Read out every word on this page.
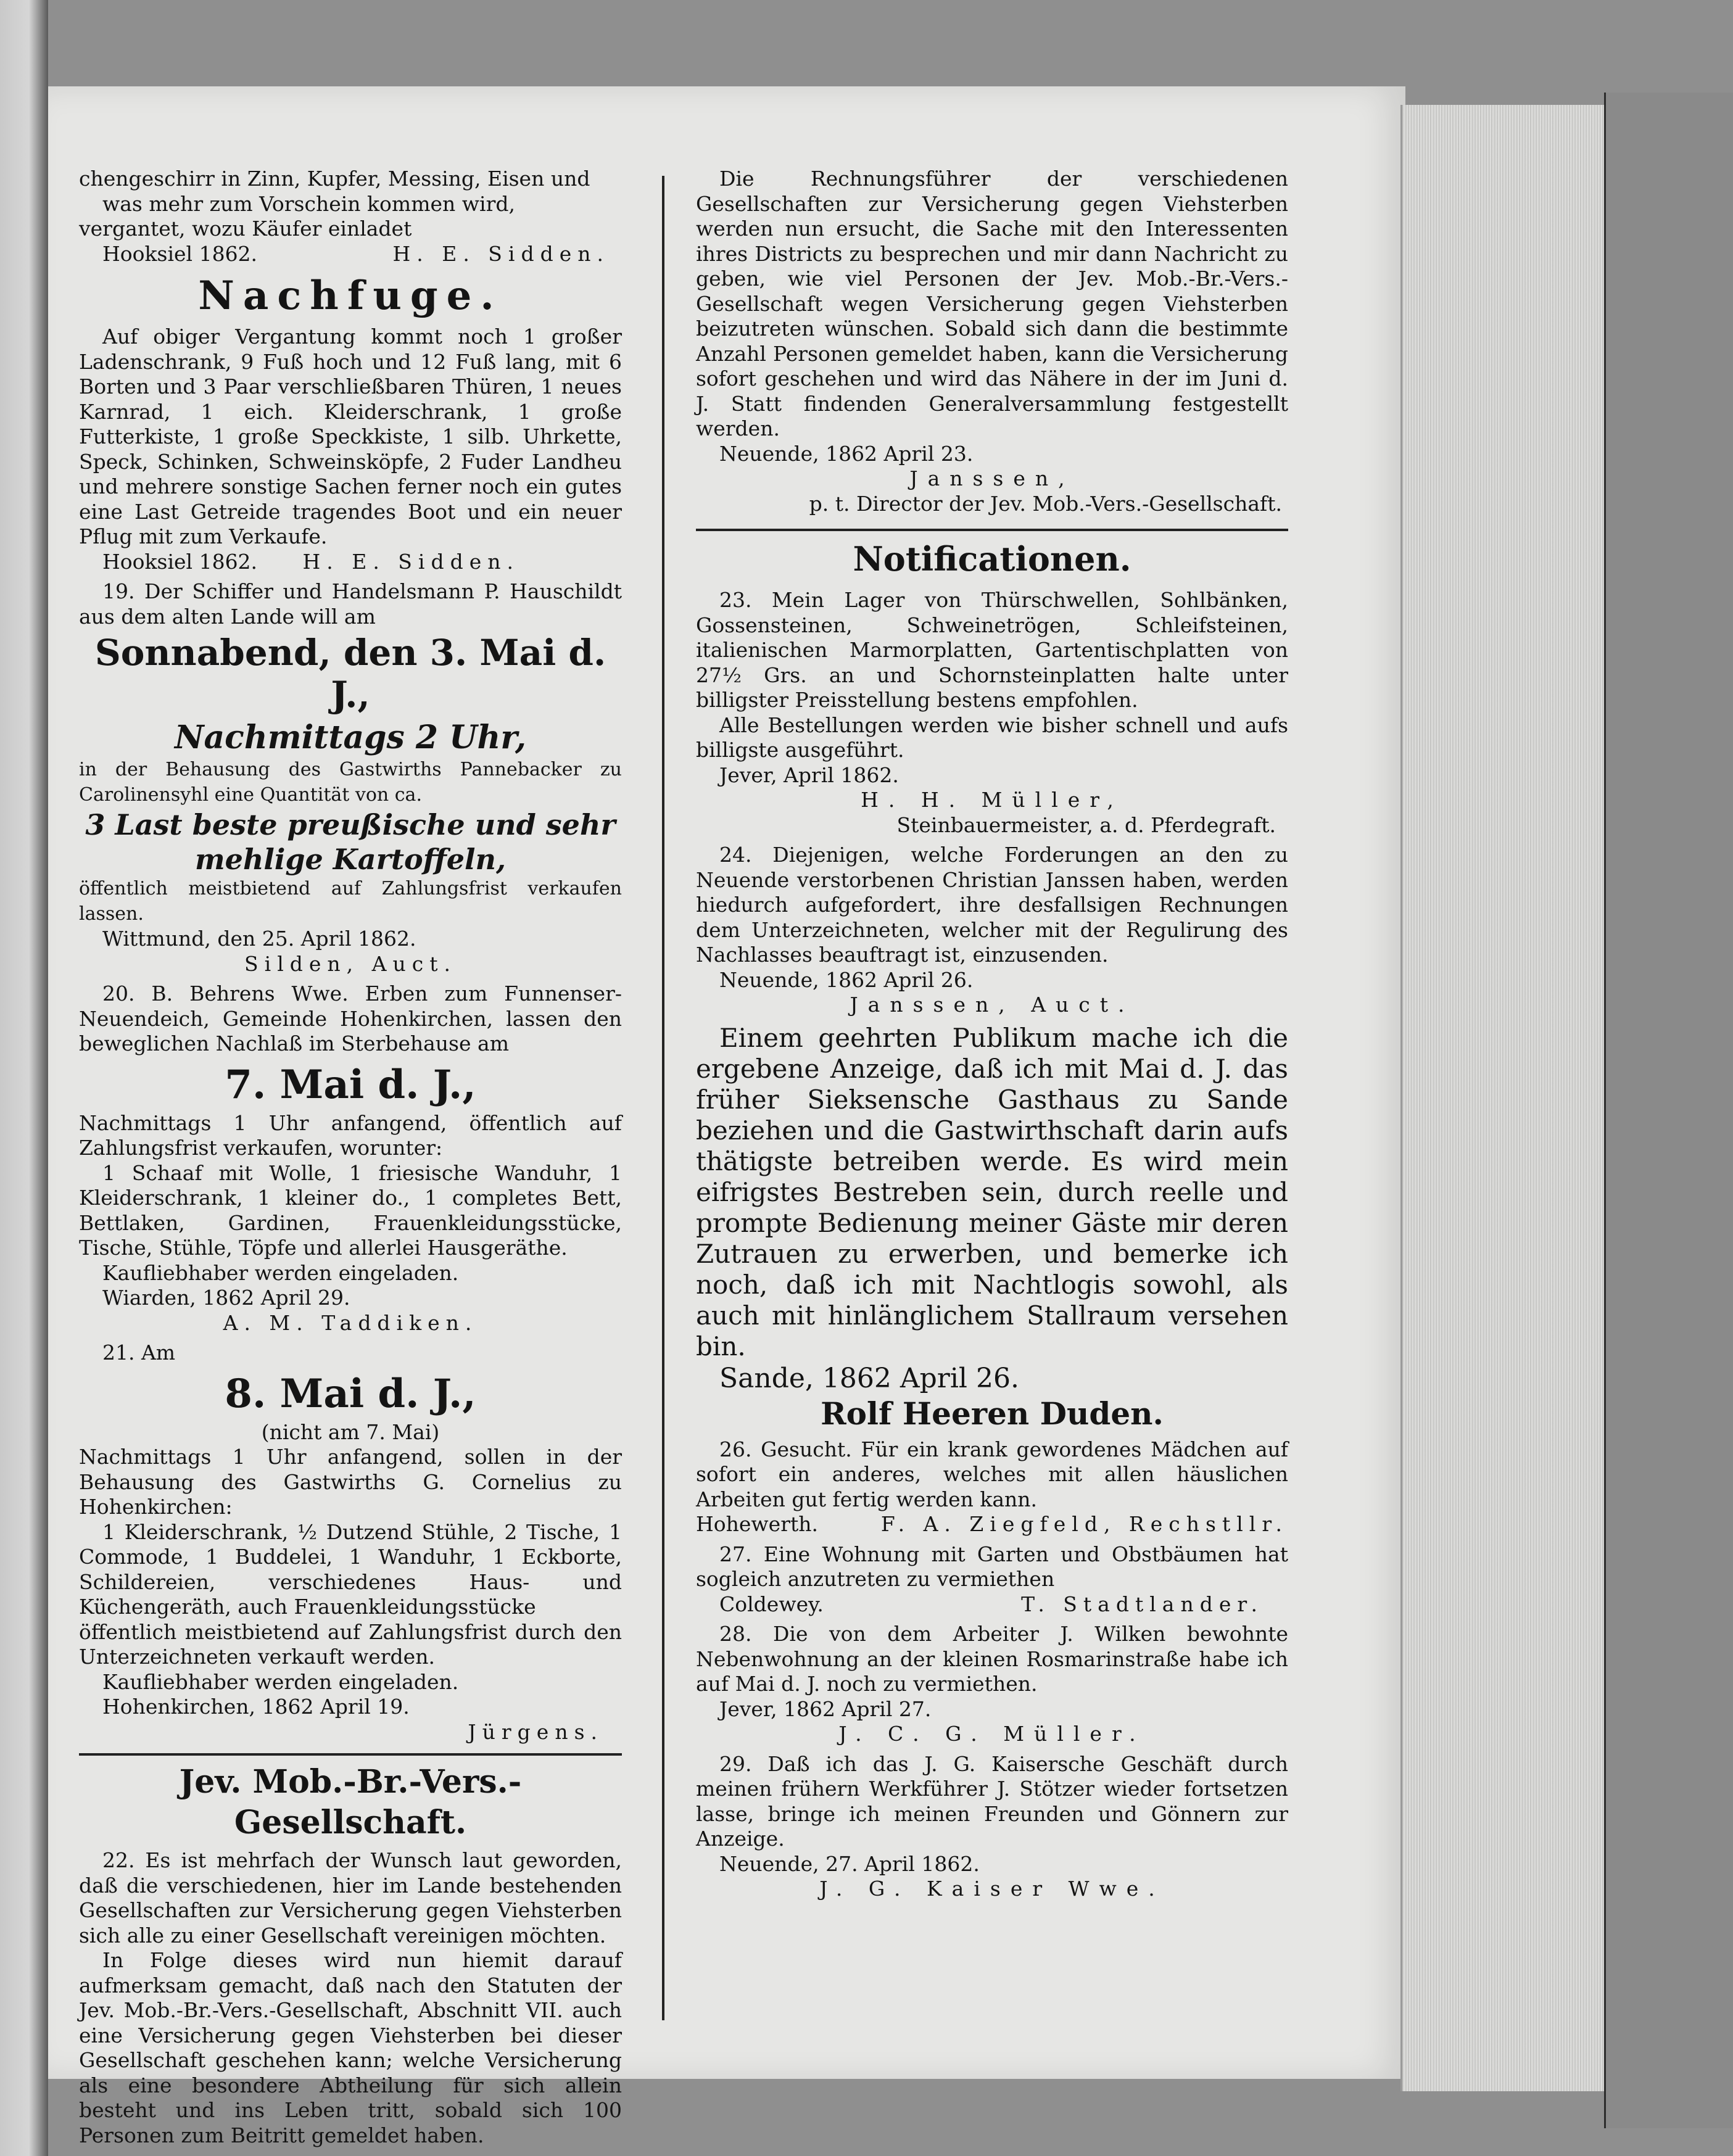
chengeschirr in Zinn, Kupfer, Messing, Eisen und

was mehr zum Vorschein kommen wird,

vergantet, wozu Käufer einladet

Hooksiel 1862.	H. E. Sidden.

Nachfuge.

Auf obiger Vergantung kommt noch 1 großer Ladenschrank, 9 Fuß hoch und 12 Fuß lang, mit 6 Borten und 3 Paar verschließbaren Thüren, 1 neues Karnrad, 1 eich. Kleiderschrank, 1 große Futterkiste, 1 große Speckkiste, 1 silb. Uhrkette, Speck, Schinken, Schweinsköpfe, 2 Fuder Landheu und mehrere sonstige Sachen ferner noch ein gutes eine Last Getreide tragendes Boot und ein neuer Pflug mit zum Verkaufe.

Hooksiel 1862. H. E. Sidden.

19. Der Schiffer und Handelsmann P. Hauschildt aus dem alten Lande will am

Sonnabend, den 3. Mai d. J.,
Nachmittags 2 Uhr,

in der Behausung des Gastwirths Pannebacker zu Carolinensyhl eine Quantität von ca.

3 Last beste preußische und sehr
mehlige Kartoffeln,

öffentlich meistbietend auf Zahlungsfrist verkaufen lassen.

Wittmund, den 25. April 1862.

Silden, Auct.

20. B. Behrens Wwe. Erben zum Funnenser-Neuendeich, Gemeinde Hohenkirchen, lassen den beweglichen Nachlaß im Sterbehause am

7. Mai d. J.,

Nachmittags 1 Uhr anfangend, öffentlich auf Zahlungsfrist verkaufen, worunter:

1 Schaaf mit Wolle, 1 friesische Wanduhr, 1 Kleiderschrank, 1 kleiner do., 1 completes Bett, Bettlaken, Gardinen, Frauenkleidungsstücke, Tische, Stühle, Töpfe und allerlei Hausgeräthe.

Kaufliebhaber werden eingeladen.

Wiarden, 1862 April 29.

A. M. Taddiken.

21. Am

8. Mai d. J.,

(nicht am 7. Mai)

Nachmittags 1 Uhr anfangend, sollen in der Behausung des Gastwirths G. Cornelius zu Hohenkirchen:

1 Kleiderschrank, ½ Dutzend Stühle, 2 Tische, 1 Commode, 1 Buddelei, 1 Wanduhr, 1 Eckborte, Schildereien, verschiedenes Haus- und Küchengeräth, auch Frauenkleidungsstücke

öffentlich meistbietend auf Zahlungsfrist durch den Unterzeichneten verkauft werden.

Kaufliebhaber werden eingeladen.

Hohenkirchen, 1862 April 19.

Jürgens.

Jev. Mob.-Br.-Vers.-Gesellschaft.

22. Es ist mehrfach der Wunsch laut geworden, daß die verschiedenen, hier im Lande bestehenden Gesellschaften zur Versicherung gegen Viehsterben sich alle zu einer Gesellschaft vereinigen möchten.

In Folge dieses wird nun hiemit darauf aufmerksam gemacht, daß nach den Statuten der Jev. Mob.-Br.-Vers.-Gesellschaft, Abschnitt VII. auch eine Versicherung gegen Viehsterben bei dieser Gesellschaft geschehen kann; welche Versicherung als eine besondere Abtheilung für sich allein besteht und ins Leben tritt, sobald sich 100 Personen zum Beitritt gemeldet haben.

Die Rechnungsführer der verschiedenen Gesellschaften zur Versicherung gegen Viehsterben werden nun ersucht, die Sache mit den Interessenten ihres Districts zu besprechen und mir dann Nachricht zu geben, wie viel Personen der Jev. Mob.-Br.-Vers.-Gesellschaft wegen Versicherung gegen Viehsterben beizutreten wünschen. Sobald sich dann die bestimmte Anzahl Personen gemeldet haben, kann die Versicherung sofort geschehen und wird das Nähere in der im Juni d. J. Statt findenden Generalversammlung festgestellt werden.

Neuende, 1862 April 23.

Janssen,

p. t. Director der Jev. Mob.-Vers.-Gesellschaft.

Notificationen.

23. Mein Lager von Thürschwellen, Sohlbänken, Gossensteinen, Schweinetrögen, Schleifsteinen, italienischen Marmorplatten, Gartentischplatten von 27½ Grs. an und Schornsteinplatten halte unter billigster Preisstellung bestens empfohlen.

Alle Bestellungen werden wie bisher schnell und aufs billigste ausgeführt.

Jever, April 1862.

H. H. Müller,

Steinbauermeister, a. d. Pferdegraft.

24. Diejenigen, welche Forderungen an den zu Neuende verstorbenen Christian Janssen haben, werden hiedurch aufgefordert, ihre desfallsigen Rechnungen dem Unterzeichneten, welcher mit der Regulirung des Nachlasses beauftragt ist, einzusenden.

Neuende, 1862 April 26.

Janssen, Auct.

Einem geehrten Publikum mache ich die ergebene Anzeige, daß ich mit Mai d. J. das früher Sieksensche Gasthaus zu Sande beziehen und die Gastwirthschaft darin aufs thätigste betreiben werde. Es wird mein eifrigstes Bestreben sein, durch reelle und prompte Bedienung meiner Gäste mir deren Zutrauen zu erwerben, und bemerke ich noch, daß ich mit Nachtlogis sowohl, als auch mit hinlänglichem Stallraum versehen bin.

Sande, 1862 April 26.

Rolf Heeren Duden.

26. Gesucht. Für ein krank gewordenes Mädchen auf sofort ein anderes, welches mit allen häuslichen Arbeiten gut fertig werden kann.

Hohewerth.	F. A. Ziegfeld, Rechstllr.

27. Eine Wohnung mit Garten und Obstbäumen hat sogleich anzutreten zu vermiethen

Coldewey.	T. Stadtlander.

28. Die von dem Arbeiter J. Wilken bewohnte Nebenwohnung an der kleinen Rosmarinstraße habe ich auf Mai d. J. noch zu vermiethen.

Jever, 1862 April 27.

J. C. G. Müller.

29. Daß ich das J. G. Kaisersche Geschäft durch meinen frühern Werkführer J. Stötzer wieder fortsetzen lasse, bringe ich meinen Freunden und Gönnern zur Anzeige.

Neuende, 27. April 1862.

J. G. Kaiser Wwe.
